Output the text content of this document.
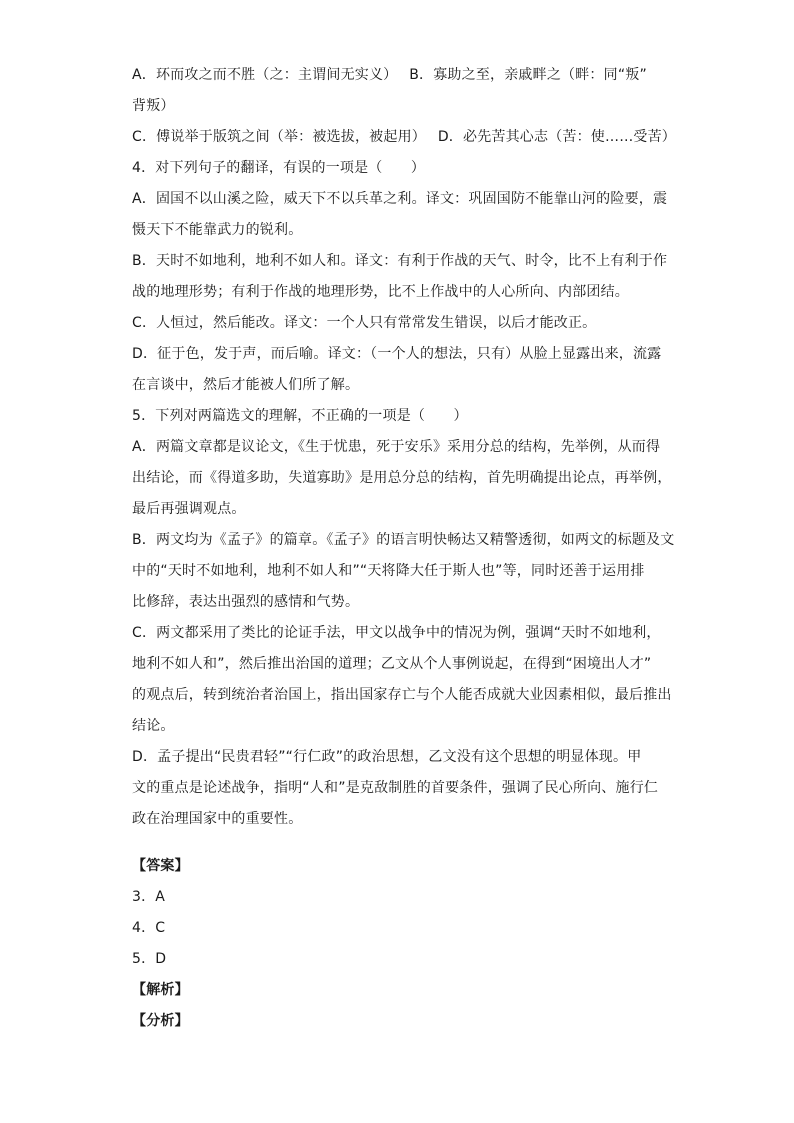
A．环而攻之而不胜（之：主谓间无实义）　 B．寡助之至，亲戚畔之（畔：同“叛”
背叛）
C．傅说举于版筑之间（举：被选拔，被起用）　 D．必先苦其心志（苦：使……受苦）
4．对下列句子的翻译，有误的一项是（　　）
A．固国不以山溪之险，威天下不以兵革之利。译文：巩固国防不能靠山河的险要，震
慑天下不能靠武力的锐利。
B．天时不如地利，地利不如人和。译文：有利于作战的天气、时令，比不上有利于作
战的地理形势；有利于作战的地理形势，比不上作战中的人心所向、内部团结。
C．人恒过，然后能改。译文：一个人只有常常发生错误，以后才能改正。
D．征于色，发于声，而后喻。译文：（一个人的想法，只有）从脸上显露出来，流露
在言谈中，然后才能被人们所了解。
5．下列对两篇选文的理解，不正确的一项是（　　）
A．两篇文章都是议论文，《生于忧患，死于安乐》采用分总的结构，先举例，从而得
出结论，而《得道多助，失道寡助》是用总分总的结构，首先明确提出论点，再举例，
最后再强调观点。
B．两文均为《孟子》的篇章。《孟子》的语言明快畅达又精警透彻，如两文的标题及文
中的“天时不如地利，地利不如人和”“天将降大任于斯人也”等，同时还善于运用排
比修辞，表达出强烈的感情和气势。
C．两文都采用了类比的论证手法，甲文以战争中的情况为例，强调“天时不如地利，
地利不如人和”，然后推出治国的道理；乙文从个人事例说起，在得到“困境出人才”
的观点后，转到统治者治国上，指出国家存亡与个人能否成就大业因素相似，最后推出
结论。
D．孟子提出“民贵君轻”“行仁政”的政治思想，乙文没有这个思想的明显体现。甲
文的重点是论述战争，指明“人和”是克敌制胜的首要条件，强调了民心所向、施行仁
政在治理国家中的重要性。
【答案】
3．A
4．C
5．D
【解析】
【分析】
